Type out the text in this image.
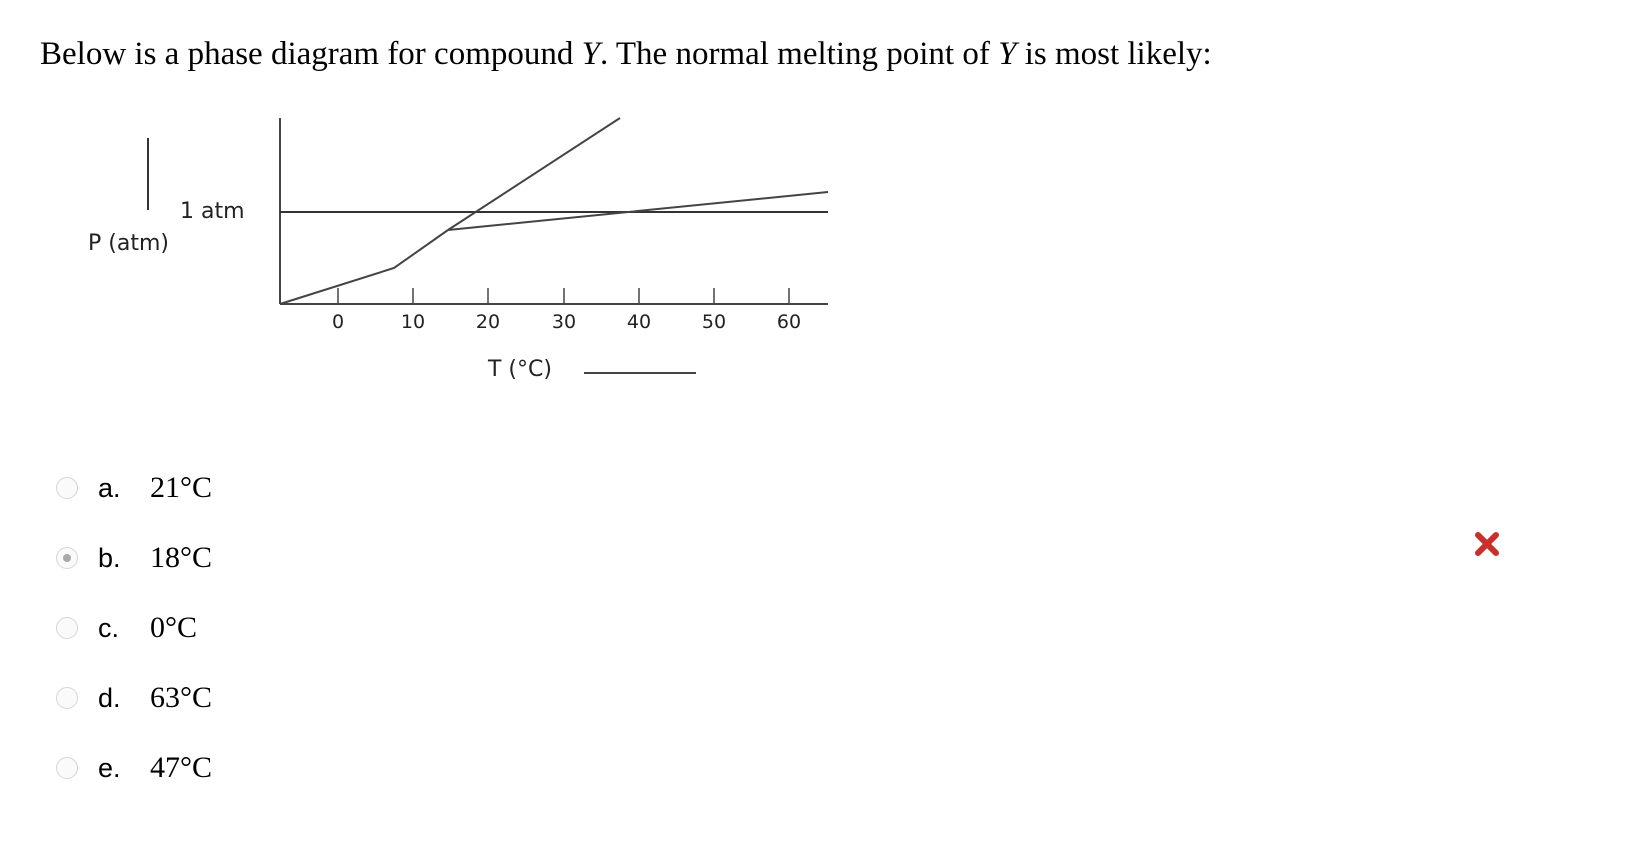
Below is a phase diagram for compound Y. The normal melting point of Y is most likely:
1 atm
P (atm)
0	10	20	30	40	50	60
T (°C)
a. 21°C
b. 18°C
c.	0°C
d. 63°C
e. 47°C
